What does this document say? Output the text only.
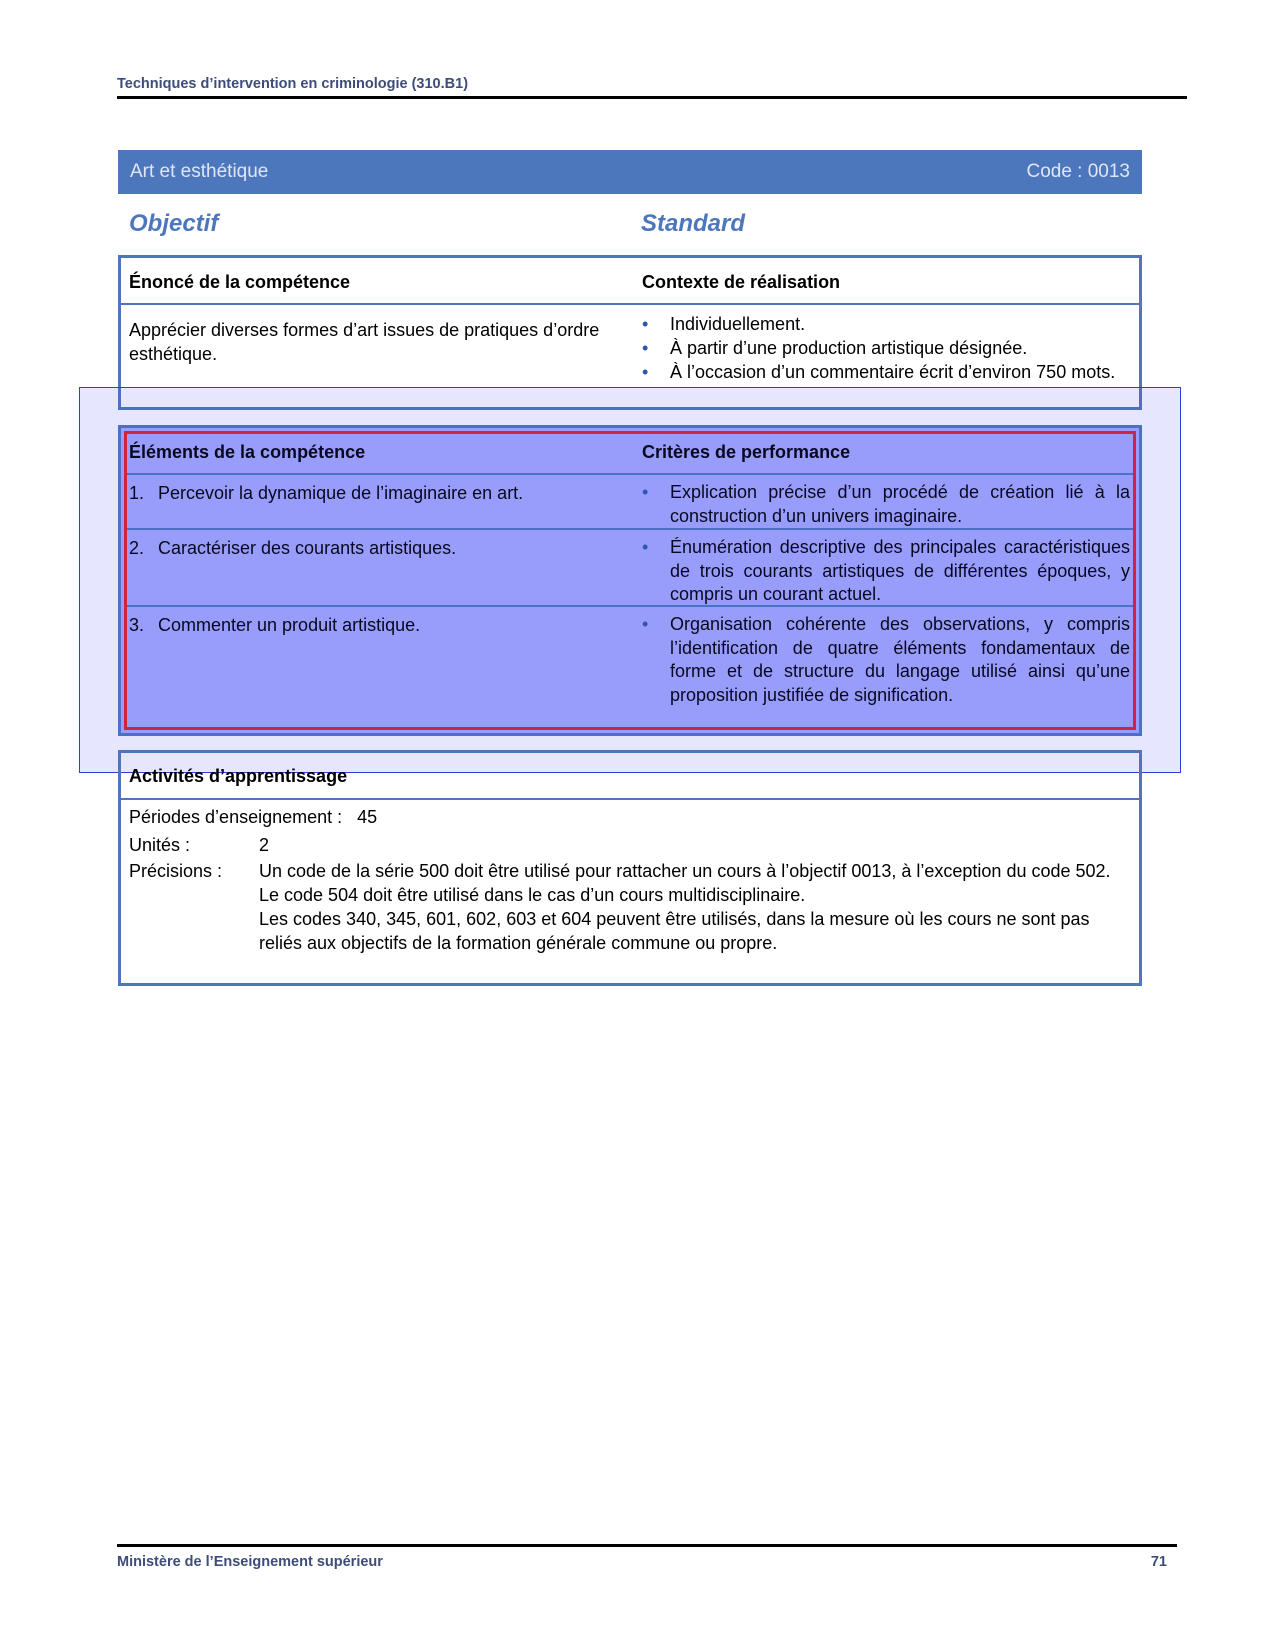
Techniques d’intervention en criminologie (310.B1)
Art et esthétique	Code : 0013
Objectif	Standard
Énoncé de la compétence	Contexte de réalisation
Apprécier diverses formes d’art issues de pratiques d’ordre esthétique.
• Individuellement.
• À partir d’une production artistique désignée.
• À l’occasion d’un commentaire écrit d’environ 750 mots.
Éléments de la compétence	Critères de performance
1. Percevoir la dynamique de l’imaginaire en art.	• Explication précise d’un procédé de création lié à la construction d’un univers imaginaire.
2. Caractériser des courants artistiques.	• Énumération descriptive des principales caractéristiques de trois courants artistiques de différentes époques, y compris un courant actuel.
3. Commenter un produit artistique.	• Organisation cohérente des observations, y compris l’identification de quatre éléments fondamentaux de forme et de structure du langage utilisé ainsi qu’une proposition justifiée de signification.
Activités d’apprentissage
Périodes d’enseignement : 45
Unités :	2
Précisions : Un code de la série 500 doit être utilisé pour rattacher un cours à l’objectif 0013, à l’exception du code 502.
Le code 504 doit être utilisé dans le cas d’un cours multidisciplinaire.
Les codes 340, 345, 601, 602, 603 et 604 peuvent être utilisés, dans la mesure où les cours ne sont pas reliés aux objectifs de la formation générale commune ou propre.
Ministère de l’Enseignement supérieur	71
